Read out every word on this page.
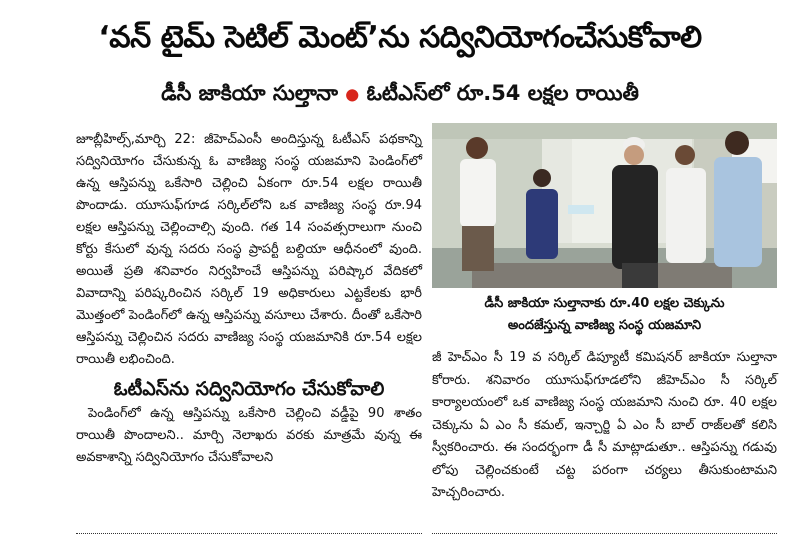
‘వన్ టైమ్ సెటిల్ మెంట్’ను సద్వినియోగంచేసుకోవాలి
డీసీ జాకియా సుల్తానా ● ఓటీఎస్‌లో రూ.54 లక్షల రాయితీ

జూబ్లీహిల్స్,మార్చి 22: జీహెచ్ఎంసీ అందిస్తున్న ఓటీఎస్ పథకాన్ని సద్వినియోగం చేసుకున్న ఓ వాణిజ్య సంస్థ యజమాని పెండింగ్‌లో ఉన్న ఆస్తిపన్ను ఒకేసారి చెల్లించి ఏకంగా రూ.54 లక్షల రాయితీ పొందాడు. యూసుఫ్‌గూడ సర్కిల్‌లోని ఒక వాణిజ్య సంస్థ రూ.94 లక్షల ఆస్తిపన్ను చెల్లించాల్సి వుంది. గత 14 సంవత్సరాలుగా నుంచి కోర్టు కేసులో వున్న సదరు సంస్థ ప్రాపర్టీ బల్దియా ఆధీనంలో వుంది. అయితే ప్రతి శనివారం నిర్వహించే ఆస్తిపన్ను పరిష్కార వేదికలో వివాదాన్ని పరిష్కరించిన సర్కిల్ 19 అధికారులు ఎట్టకేలకు భారీ మొత్తంలో పెండింగ్‌లో ఉన్న ఆస్తిపన్ను వసూలు చేశారు. దీంతో ఒకేసారి ఆస్తిపన్ను చెల్లించిన సదరు వాణిజ్య సంస్థ యజమానికి రూ.54 లక్షల రాయితీ లభించింది.

ఓటీఎస్‌ను సద్వినియోగం చేసుకోవాలి

పెండింగ్‌లో ఉన్న ఆస్తిపన్ను ఒకేసారి చెల్లించి వడ్డీపై 90 శాతం రాయితీ పొందాలని.. మార్చి నెలాఖరు వరకు మాత్రమే వున్న ఈ అవకాశాన్ని సద్వినియోగం చేసుకోవాలని

డీసీ జాకియా సుల్తానాకు రూ.40 లక్షల చెక్కును
అందజేస్తున్న వాణిజ్య సంస్థ యజమాని

జీ హెచ్ఎం సీ 19 వ సర్కిల్ డిప్యూటీ కమిషనర్ జాకియా సుల్తానా కోరారు. శనివారం యూసుఫ్‌గూడలోని జీహెచ్ఎం సీ సర్కిల్ కార్యాలయంలో ఒక వాణిజ్య సంస్థ యజమాని నుంచి రూ. 40 లక్షల చెక్కును ఏ ఎం సీ కమల్, ఇన్చార్జి ఏ ఎం సీ బాల్ రాజ్‌లతో కలిసి స్వీకరించారు. ఈ సందర్భంగా డీ సీ మాట్లాడుతూ.. ఆస్తిపన్ను గడువు లోపు చెల్లించకుంటే చట్ట పరంగా చర్యలు తీసుకుంటామని హెచ్చరించారు.
